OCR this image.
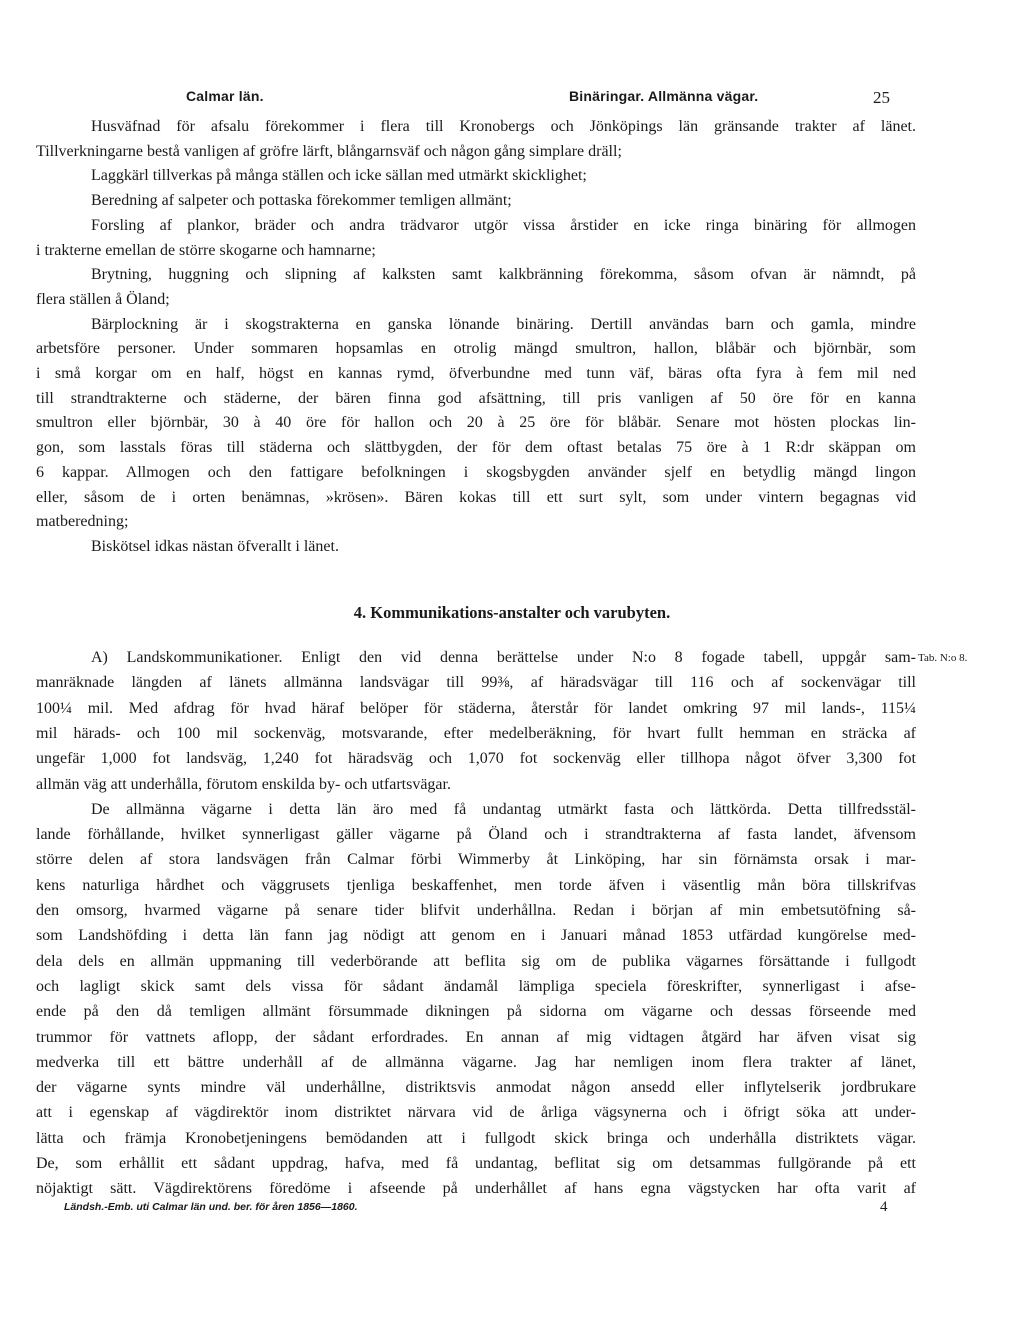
Calmar län.	Binäringar. Allmänna vägar.	25
Husväfnad för afsalu förekommer i flera till Kronobergs och Jönköpings län gränsande trakter af länet.
Tillverkningarne bestå vanligen af gröfre lärft, blångarnsväf och någon gång simplare dräll;
Laggkärl tillverkas på många ställen och icke sällan med utmärkt skicklighet;
Beredning af salpeter och pottaska förekommer temligen allmänt;
Forsling af plankor, bräder och andra trädvaror utgör vissa årstider en icke ringa binäring för allmogen
i trakterne emellan de större skogarne och hamnarne;
Brytning, huggning och slipning af kalksten samt kalkbränning förekomma, såsom ofvan är nämndt, på
flera ställen å Öland;
Bärplockning är i skogstrakterna en ganska lönande binäring. Dertill användas barn och gamla, mindre
arbetsföre personer. Under sommaren hopsamlas en otrolig mängd smultron, hallon, blåbär och björnbär, som
i små korgar om en half, högst en kannas rymd, öfverbundne med tunn väf, bäras ofta fyra à fem mil ned
till strandtrakterne och städerne, der bären finna god afsättning, till pris vanligen af 50 öre för en kanna
smultron eller björnbär, 30 à 40 öre för hallon och 20 à 25 öre för blåbär. Senare mot hösten plockas lin-
gon, som lasstals föras till städerna och slättbygden, der för dem oftast betalas 75 öre à 1 R:dr skäppan om
6 kappar. Allmogen och den fattigare befolkningen i skogsbygden använder sjelf en betydlig mängd lingon
eller, såsom de i orten benämnas, »krösen». Bären kokas till ett surt sylt, som under vintern begagnas vid
matberedning;
Biskötsel idkas nästan öfverallt i länet.
4. Kommunikations-anstalter och varubyten.
Tab. N:o 8.
A) Landskommunikationer. Enligt den vid denna berättelse under N:o 8 fogade tabell, uppgår sam-
manräknade längden af länets allmänna landsvägar till 99⅜, af häradsvägar till 116 och af sockenvägar till
100¼ mil. Med afdrag för hvad häraf belöper för städerna, återstår för landet omkring 97 mil lands-, 115¼
mil härads- och 100 mil sockenväg, motsvarande, efter medelberäkning, för hvart fullt hemman en sträcka af
ungefär 1,000 fot landsväg, 1,240 fot häradsväg och 1,070 fot sockenväg eller tillhopa något öfver 3,300 fot
allmän väg att underhålla, förutom enskilda by- och utfartsvägar.
De allmänna vägarne i detta län äro med få undantag utmärkt fasta och lättkörda. Detta tillfredsstäl-
lande förhållande, hvilket synnerligast gäller vägarne på Öland och i strandtrakterna af fasta landet, äfvensom
större delen af stora landsvägen från Calmar förbi Wimmerby åt Linköping, har sin förnämsta orsak i mar-
kens naturliga hårdhet och väggrusets tjenliga beskaffenhet, men torde äfven i väsentlig mån böra tillskrifvas
den omsorg, hvarmed vägarne på senare tider blifvit underhållna. Redan i början af min embetsutöfning så-
som Landshöfding i detta län fann jag nödigt att genom en i Januari månad 1853 utfärdad kungörelse med-
dela dels en allmän uppmaning till vederbörande att beflita sig om de publika vägarnes försättande i fullgodt
och lagligt skick samt dels vissa för sådant ändamål lämpliga speciela föreskrifter, synnerligast i afse-
ende på den då temligen allmänt försummade dikningen på sidorna om vägarne och dessas förseende med
trummor för vattnets aflopp, der sådant erfordrades. En annan af mig vidtagen åtgärd har äfven visat sig
medverka till ett bättre underhåll af de allmänna vägarne. Jag har nemligen inom flera trakter af länet,
der vägarne synts mindre väl underhållne, distriktsvis anmodat någon ansedd eller inflytelserik jordbrukare
att i egenskap af vägdirektör inom distriktet närvara vid de årliga vägsynerna och i öfrigt söka att under-
lätta och främja Kronobetjeningens bemödanden att i fullgodt skick bringa och underhålla distriktets vägar.
De, som erhållit ett sådant uppdrag, hafva, med få undantag, beflitat sig om detsammas fullgörande på ett
nöjaktigt sätt. Vägdirektörens föredöme i afseende på underhållet af hans egna vägstycken har ofta varit af
Ländsh.-Emb. uti Calmar län und. ber. för åren 1856—1860.	4
